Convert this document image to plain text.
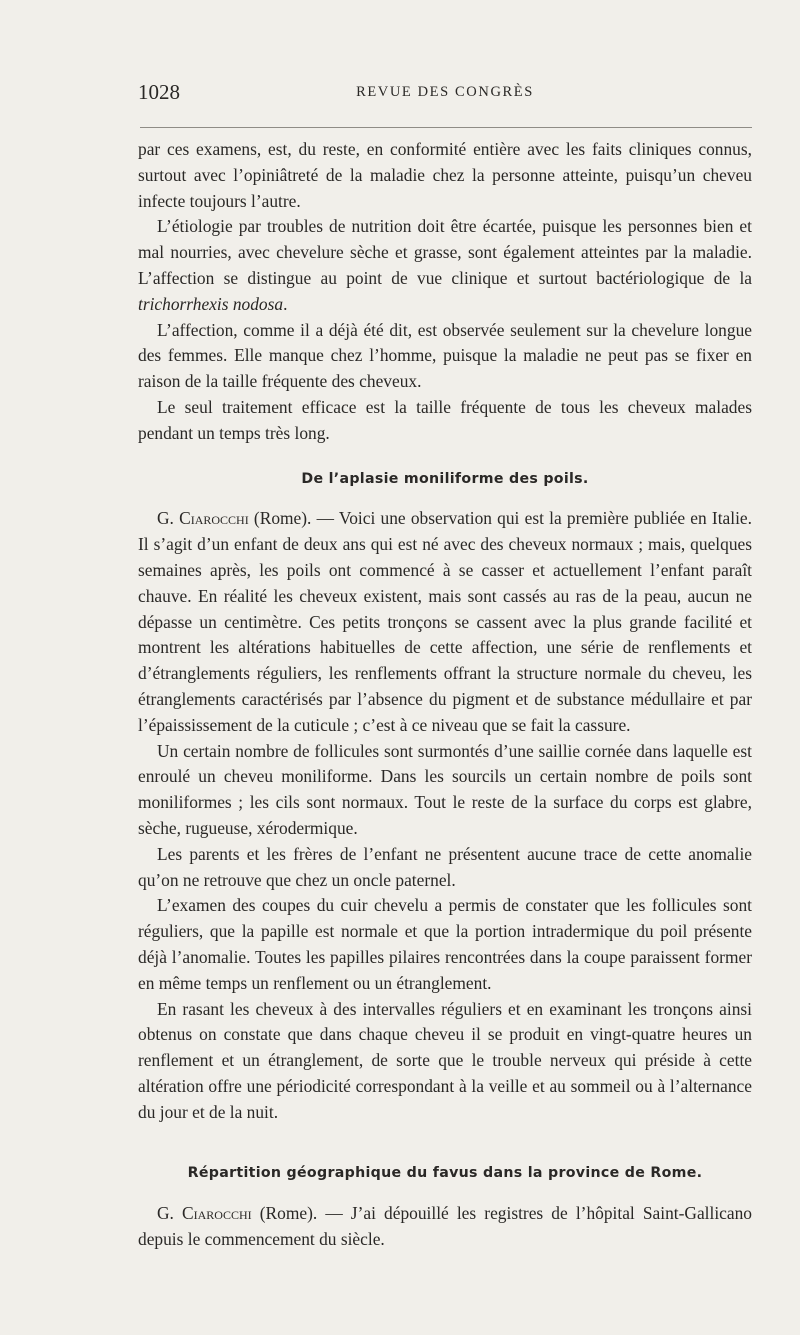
1028	REVUE DES CONGRÈS

par ces examens, est, du reste, en conformité entière avec les faits cliniques connus, surtout avec l’opiniâtreté de la maladie chez la personne atteinte, puisqu’un cheveu infecte toujours l’autre.

L’étiologie par troubles de nutrition doit être écartée, puisque les personnes bien et mal nourries, avec chevelure sèche et grasse, sont également atteintes par la maladie. L’affection se distingue au point de vue clinique et surtout bactériologique de la trichorrhexis nodosa.

L’affection, comme il a déjà été dit, est observée seulement sur la chevelure longue des femmes. Elle manque chez l’homme, puisque la maladie ne peut pas se fixer en raison de la taille fréquente des cheveux.

Le seul traitement efficace est la taille fréquente de tous les cheveux malades pendant un temps très long.

De l’aplasie moniliforme des poils.

G. Ciarocchi (Rome). — Voici une observation qui est la première publiée en Italie. Il s’agit d’un enfant de deux ans qui est né avec des cheveux normaux ; mais, quelques semaines après, les poils ont commencé à se casser et actuellement l’enfant paraît chauve. En réalité les cheveux existent, mais sont cassés au ras de la peau, aucun ne dépasse un centimètre. Ces petits tronçons se cassent avec la plus grande facilité et montrent les altérations habituelles de cette affection, une série de renflements et d’étranglements réguliers, les renflements offrant la structure normale du cheveu, les étranglements caractérisés par l’absence du pigment et de substance médullaire et par l’épaississement de la cuticule ; c’est à ce niveau que se fait la cassure.

Un certain nombre de follicules sont surmontés d’une saillie cornée dans laquelle est enroulé un cheveu moniliforme. Dans les sourcils un certain nombre de poils sont moniliformes ; les cils sont normaux. Tout le reste de la surface du corps est glabre, sèche, rugueuse, xérodermique.

Les parents et les frères de l’enfant ne présentent aucune trace de cette anomalie qu’on ne retrouve que chez un oncle paternel.

L’examen des coupes du cuir chevelu a permis de constater que les follicules sont réguliers, que la papille est normale et que la portion intradermique du poil présente déjà l’anomalie. Toutes les papilles pilaires rencontrées dans la coupe paraissent former en même temps un renflement ou un étranglement.

En rasant les cheveux à des intervalles réguliers et en examinant les tronçons ainsi obtenus on constate que dans chaque cheveu il se produit en vingt-quatre heures un renflement et un étranglement, de sorte que le trouble nerveux qui préside à cette altération offre une périodicité correspondant à la veille et au sommeil ou à l’alternance du jour et de la nuit.

Répartition géographique du favus dans la province de Rome.

G. Ciarocchi (Rome). — J’ai dépouillé les registres de l’hôpital Saint-Gallicano depuis le commencement du siècle.
